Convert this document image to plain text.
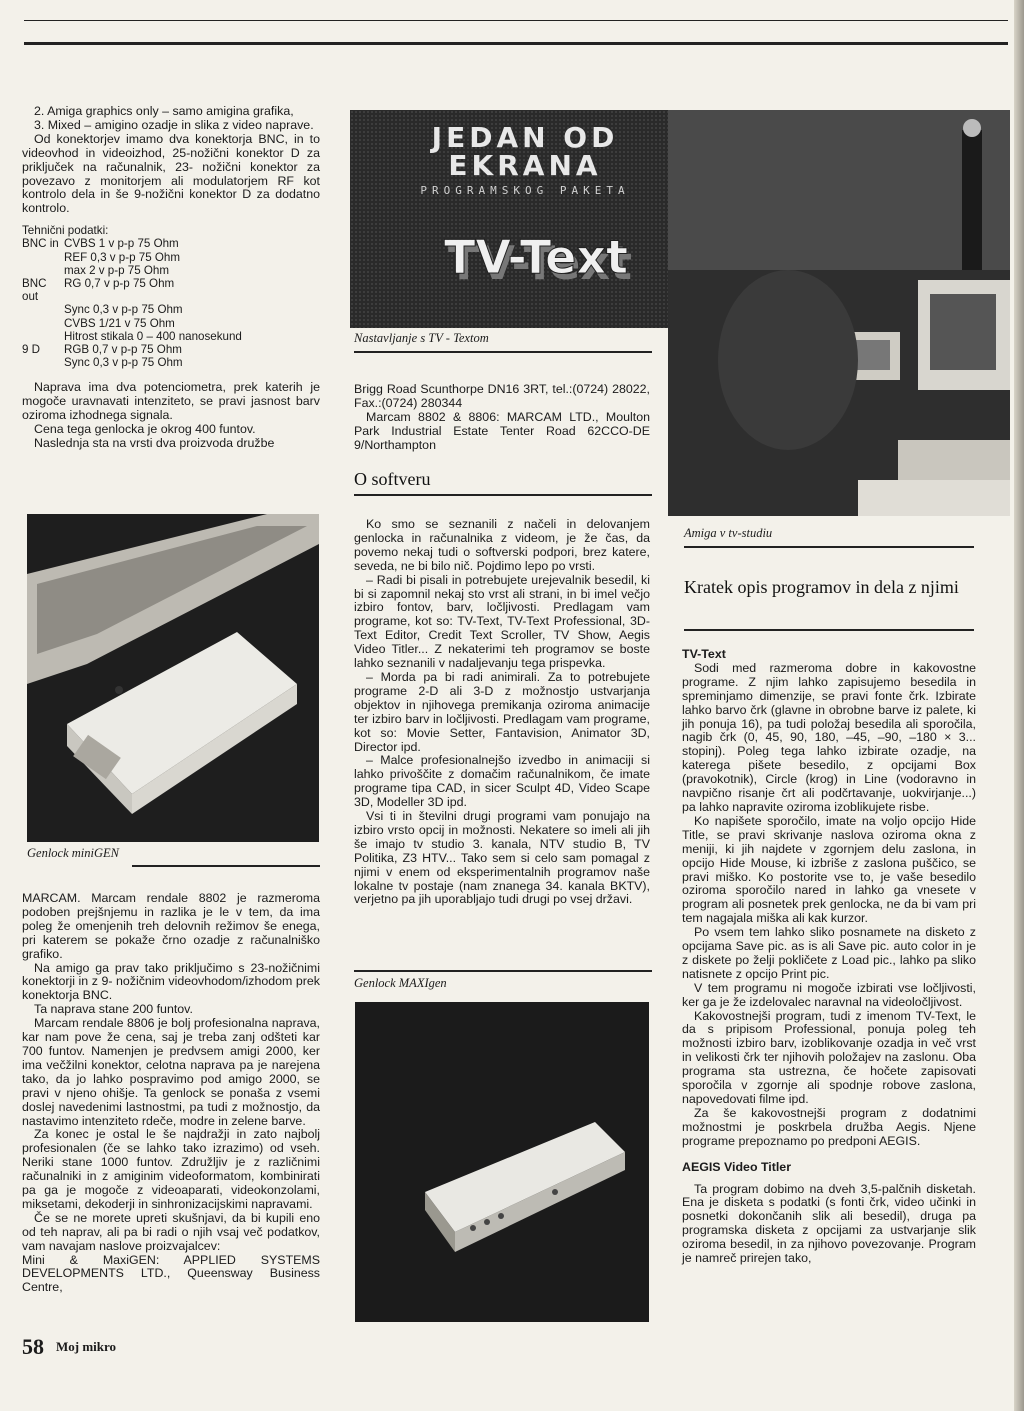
2. Amiga graphics only – samo amigina grafika,

3. Mixed – amigino ozadje in slika z video naprave.

Od konektorjev imamo dva konektorja BNC, in to videovhod in videoizhod, 25-nožični konektor D za priključek na računalnik, 23- nožični konektor za povezavo z monitorjem ali modulatorjem RF kot kontrolo dela in še 9-nožični konektor D za dodatno kontrolo.

Tehnični podatki:
BNC in CVBS 1 v p-p 75 Ohm
REF 0,3 v p-p 75 Ohm
max 2 v p-p 75 Ohm
BNC out
RG 0,7 v p-p 75 Ohm
Sync 0,3 v p-p 75 Ohm
CVBS 1/21 v 75 Ohm
Hitrost stikala 0 – 400 nanosekund
9 D	RGB 0,7 v p-p 75 Ohm
Sync 0,3 v p-p 75 Ohm

Naprava ima dva potenciometra, prek katerih je mogoče uravnavati intenziteto, se pravi jasnost barv oziroma izhodnega signala.

Cena tega genlocka je okrog 400 funtov.

Naslednja sta na vrsti dva proizvoda družbe

Genlock miniGEN

MARCAM. Marcam rendale 8802 je razmeroma podoben prejšnjemu in razlika je le v tem, da ima poleg že omenjenih treh delovnih režimov še enega, pri katerem se pokaže črno ozadje z računalniško grafiko.

Na amigo ga prav tako priključimo s 23-nožičnimi konektorji in z 9- nožičnim videovhodom/izhodom prek konektorja BNC.

Ta naprava stane 200 funtov.

Marcam rendale 8806 je bolj profesionalna naprava, kar nam pove že cena, saj je treba zanj odšteti kar 700 funtov. Namenjen je predvsem amigi 2000, ker ima večžilni konektor, celotna naprava pa je narejena tako, da jo lahko pospravimo pod amigo 2000, se pravi v njeno ohišje. Ta genlock se ponaša z vsemi doslej navedenimi lastnostmi, pa tudi z možnostjo, da nastavimo intenziteto rdeče, modre in zelene barve.

Za konec je ostal le še najdražji in zato najbolj profesionalen (če se lahko tako izrazimo) od vseh. Neriki stane 1000 funtov. Združljiv je z različnimi računalniki in z amiginim videoformatom, kombinirati pa ga je mogoče z videoaparati, videokonzolami, miksetami, dekoderji in sinhronizacijskimi napravami.

Če se ne morete upreti skušnjavi, da bi kupili eno od teh naprav, ali pa bi radi o njih vsaj več podatkov, vam navajam naslove proizvajalcev:

Mini & MaxiGEN: APPLIED SYSTEMS DEVELOPMENTS LTD., Queensway Business Centre,

JEDAN OD EKRANA
PROGRAMSKOG PAKETA
TV-Text
Nastavljanje s TV - Textom

Brigg Road Scunthorpe DN16 3RT, tel.:(0724) 28022, Fax.:(0724) 280344

Marcam 8802 & 8806: MARCAM LTD., Moulton Park Industrial Estate Tenter Road 62CCO-DE 9/Northampton

O softveru

Ko smo se seznanili z načeli in delovanjem genlocka in računalnika z videom, je že čas, da povemo nekaj tudi o softverski podpori, brez katere, seveda, ne bi bilo nič. Pojdimo lepo po vrsti.

– Radi bi pisali in potrebujete urejevalnik besedil, ki bi si zapomnil nekaj sto vrst ali strani, in bi imel večjo izbiro fontov, barv, ločljivosti. Predlagam vam programe, kot so: TV-Text, TV-Text Professional, 3D-Text Editor, Credit Text Scroller, TV Show, Aegis Video Titler... Z nekaterimi teh programov se boste lahko seznanili v nadaljevanju tega prispevka.

– Morda pa bi radi animirali. Za to potrebujete programe 2-D ali 3-D z možnostjo ustvarjanja objektov in njihovega premikanja oziroma animacije ter izbiro barv in ločljivosti. Predlagam vam programe, kot so: Movie Setter, Fantavision, Animator 3D, Director ipd.

– Malce profesionalnejšo izvedbo in animaciji si lahko privoščite z domačim računalnikom, če imate programe tipa CAD, in sicer Sculpt 4D, Video Scape 3D, Modeller 3D ipd.

Vsi ti in številni drugi programi vam ponujajo na izbiro vrsto opcij in možnosti. Nekatere so imeli ali jih še imajo tv studio 3. kanala, NTV studio B, TV Politika, Z3 HTV... Tako sem si celo sam pomagal z njimi v enem od eksperimentalnih programov naše lokalne tv postaje (nam znanega 34. kanala BKTV), verjetno pa jih uporabljajo tudi drugi po vsej državi.

Genlock MAXIgen
Amiga v tv-studiu
Kratek opis programov in dela z njimi
TV-Text

Sodi med razmeroma dobre in kakovostne programe. Z njim lahko zapisujemo besedila in spreminjamo dimenzije, se pravi fonte črk. Izbirate lahko barvo črk (glavne in obrobne barve iz palete, ki jih ponuja 16), pa tudi položaj besedila ali sporočila, nagib črk (0, 45, 90, 180, –45, –90, –180 × 3... stopinj). Poleg tega lahko izbirate ozadje, na katerega pišete besedilo, z opcijami Box (pravokotnik), Circle (krog) in Line (vodoravno in navpično risanje črt ali podčrtavanje, uokvirjanje...) pa lahko napravite oziroma izoblikujete risbe.

Ko napišete sporočilo, imate na voljo opcijo Hide Title, se pravi skrivanje naslova oziroma okna z meniji, ki jih najdete v zgornjem delu zaslona, in opcijo Hide Mouse, ki izbriše z zaslona puščico, se pravi miško. Ko postorite vse to, je vaše besedilo oziroma sporočilo nared in lahko ga vnesete v program ali posnetek prek genlocka, ne da bi vam pri tem nagajala miška ali kak kurzor.

Po vsem tem lahko sliko posnamete na disketo z opcijama Save pic. as is ali Save pic. auto color in je z diskete po želji pokličete z Load pic., lahko pa sliko natisnete z opcijo Print pic.

V tem programu ni mogoče izbirati vse ločljivosti, ker ga je že izdelovalec naravnal na videoločljivost.

Kakovostnejši program, tudi z imenom TV-Text, le da s pripisom Professional, ponuja poleg teh možnosti izbiro barv, izoblikovanje ozadja in več vrst in velikosti črk ter njihovih položajev na zaslonu. Oba programa sta ustrezna, če hočete zapisovati sporočila v zgornje ali spodnje robove zaslona, napovedovati filme ipd.

Za še kakovostnejši program z dodatnimi možnostmi je poskrbela družba Aegis. Njene programe prepoznamo po predponi AEGIS.

AEGIS Video Titler

Ta program dobimo na dveh 3,5-palčnih disketah. Ena je disketa s podatki (s fonti črk, video učinki in posnetki dokončanih slik ali besedil), druga pa programska disketa z opcijami za ustvarjanje slik oziroma besedil, in za njihovo povezovanje. Program je namreč prirejen tako,

58 Moj mikro
